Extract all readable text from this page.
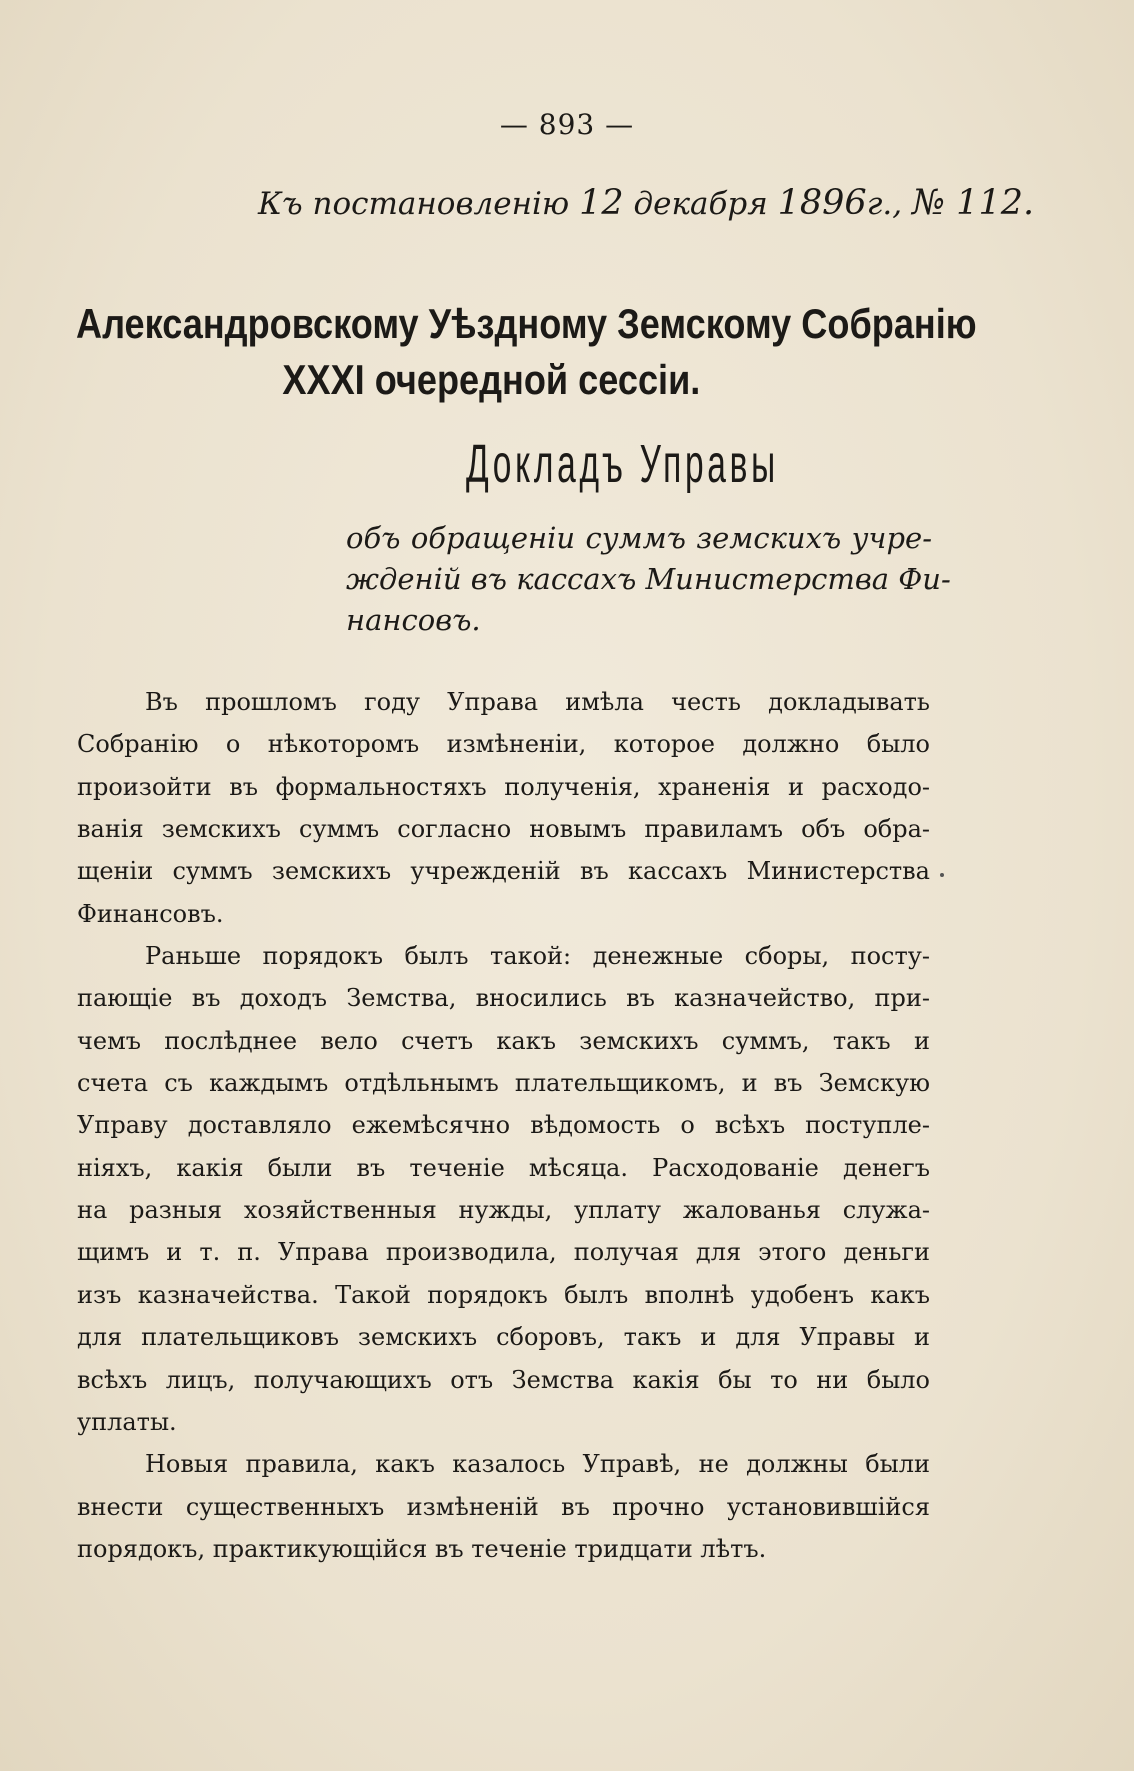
— 893 —
Къ постановленію 12 декабря 1896г., № 112.
Александровскому Уѣздному Земскому Собранію
XXXI очередной сессіи.
Докладъ Управы
объ обращеніи суммъ земскихъ учре-
жденій въ кассахъ Министерства Фи-
нансовъ.
Въ прошломъ году Управа имѣла честь докладывать
Собранію о нѣкоторомъ измѣненіи, которое должно было
произойти въ формальностяхъ полученія, храненія и расходо-
ванія земскихъ суммъ согласно новымъ правиламъ объ обра-
щеніи суммъ земскихъ учрежденій въ кассахъ Министерства
Финансовъ.
Раньше порядокъ былъ такой: денежные сборы, посту-
пающіе въ доходъ Земства, вносились въ казначейство, при-
чемъ послѣднее вело счетъ какъ земскихъ суммъ, такъ и
счета съ каждымъ отдѣльнымъ плательщикомъ, и въ Земскую
Управу доставляло ежемѣсячно вѣдомость о всѣхъ поступле-
ніяхъ, какія были въ теченіе мѣсяца. Расходованіе денегъ
на разныя хозяйственныя нужды, уплату жалованья служа-
щимъ и т. п. Управа производила, получая для этого деньги
изъ казначейства. Такой порядокъ былъ вполнѣ удобенъ какъ
для плательщиковъ земскихъ сборовъ, такъ и для Управы и
всѣхъ лицъ, получающихъ отъ Земства какія бы то ни было
уплаты.
Новыя правила, какъ казалось Управѣ, не должны были
внести существенныхъ измѣненій въ прочно установившійся
порядокъ, практикующійся въ теченіе тридцати лѣтъ.
